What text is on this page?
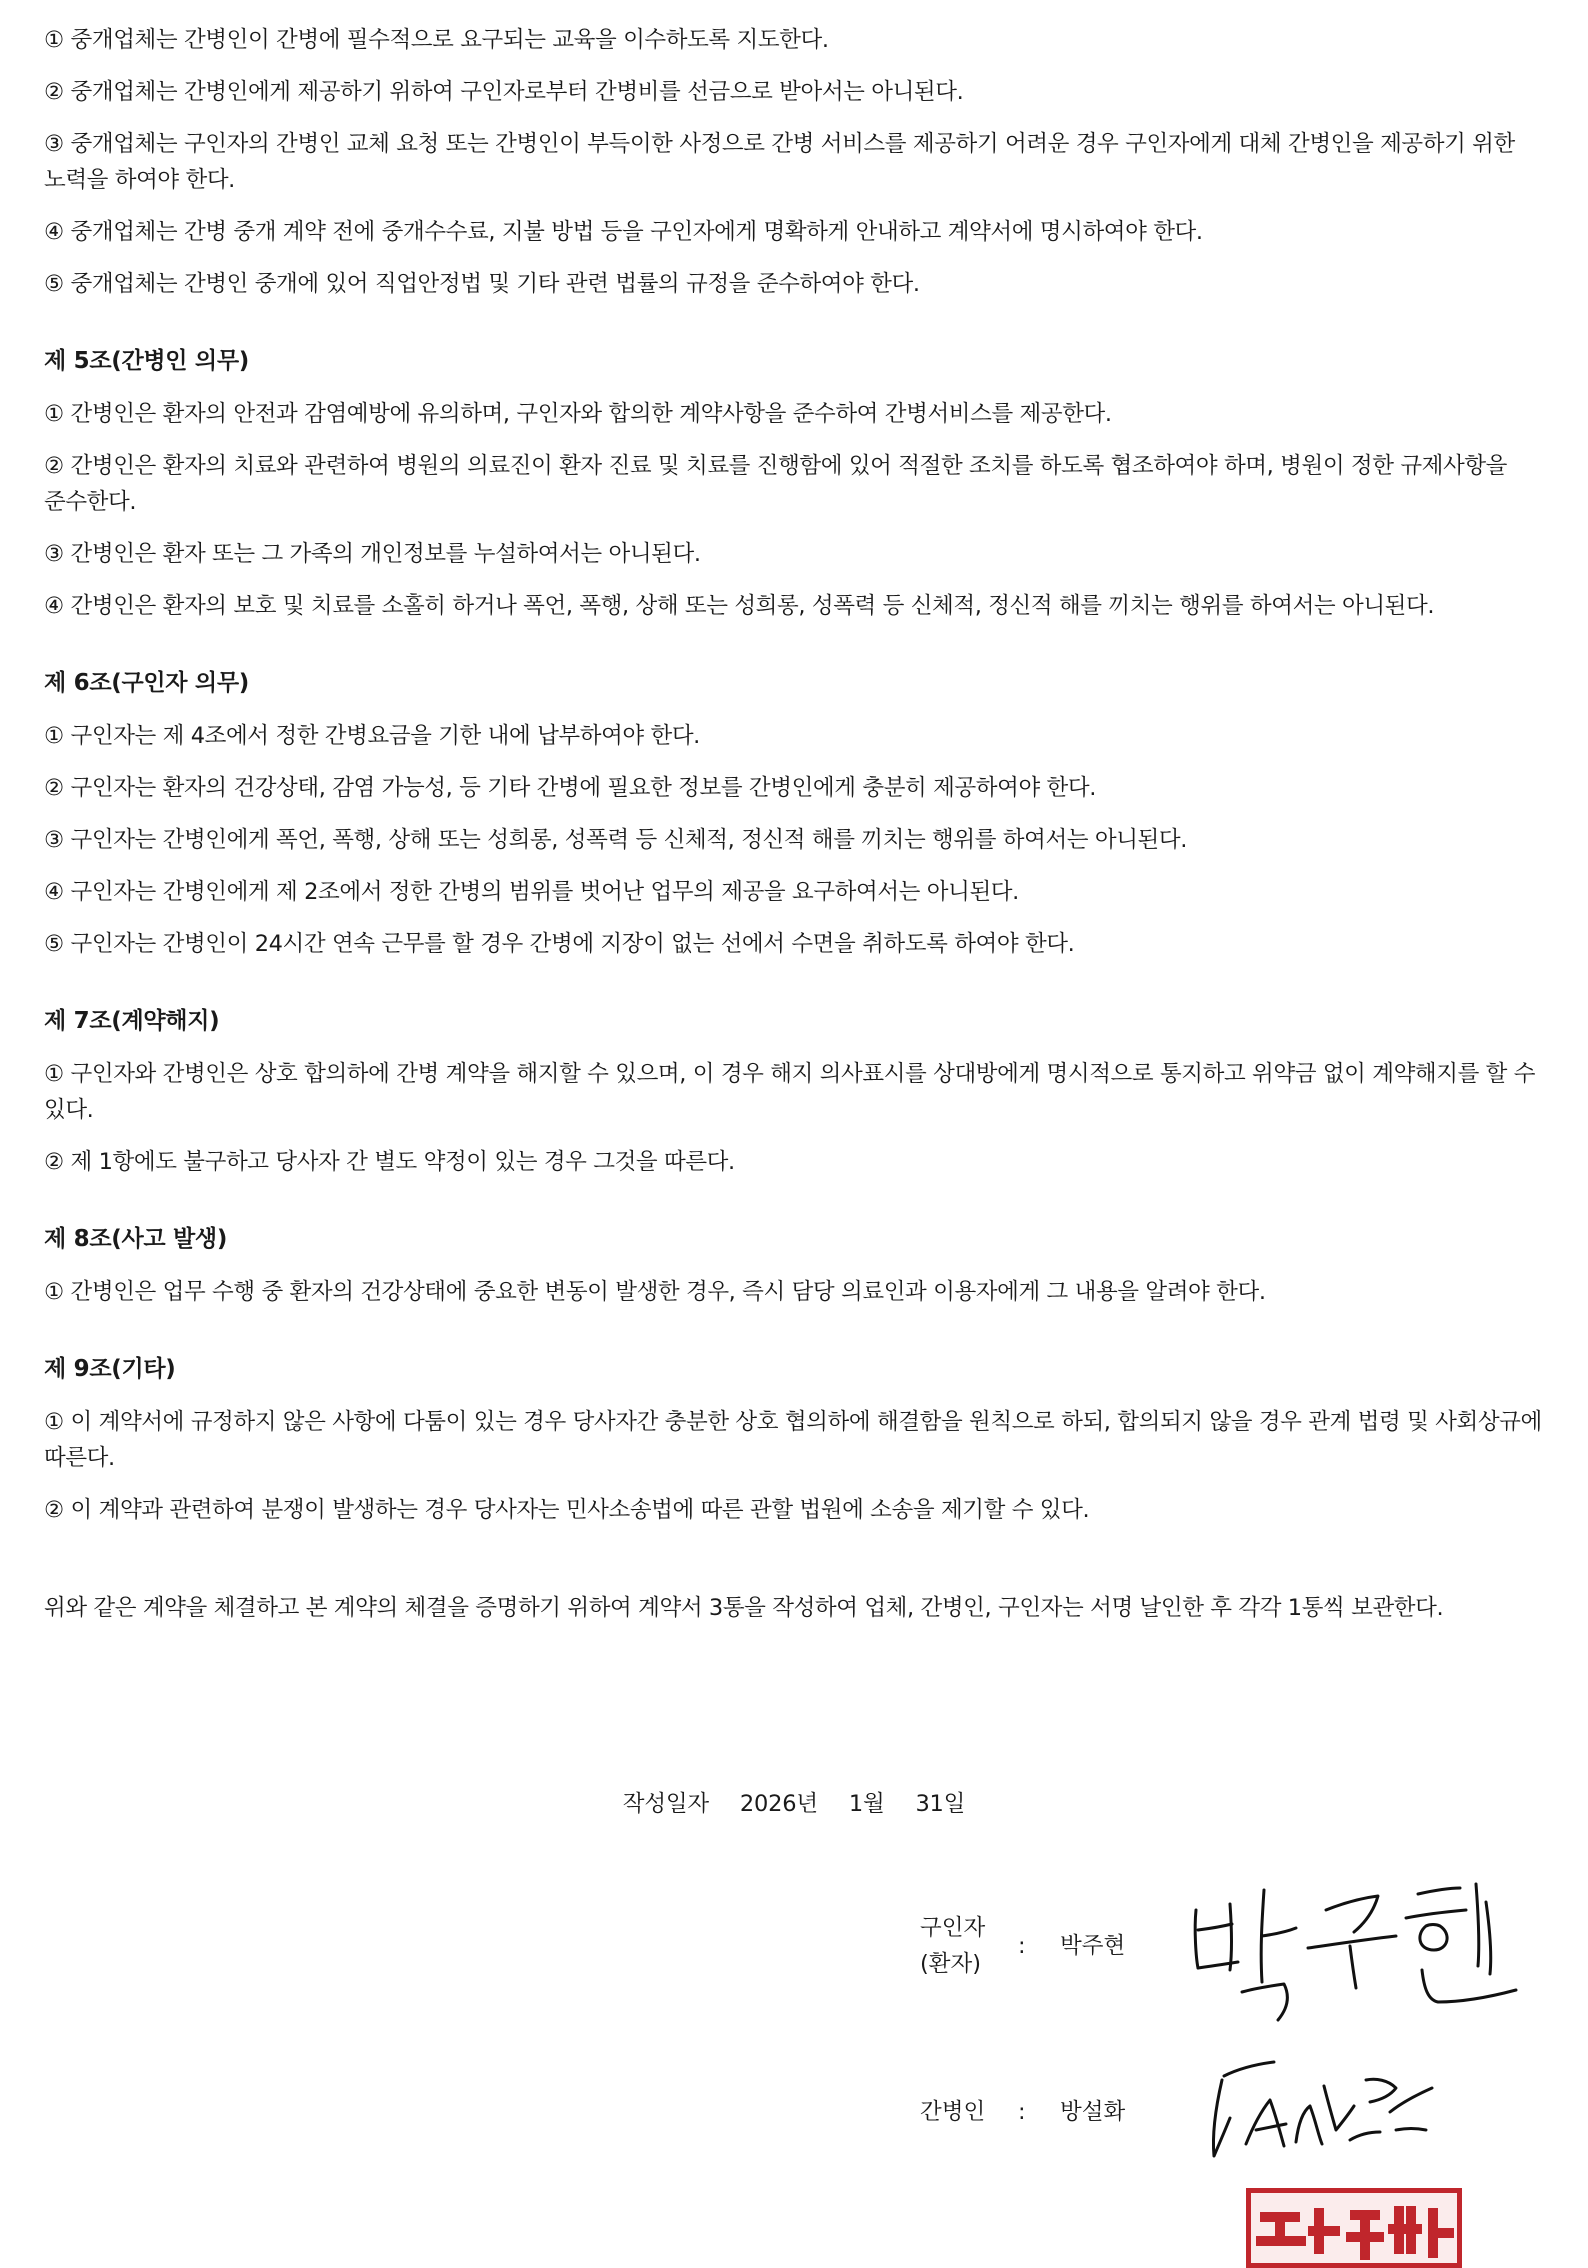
① 중개업체는 간병인이 간병에 필수적으로 요구되는 교육을 이수하도록 지도한다.

② 중개업체는 간병인에게 제공하기 위하여 구인자로부터 간병비를 선금으로 받아서는 아니된다.

③ 중개업체는 구인자의 간병인 교체 요청 또는 간병인이 부득이한 사정으로 간병 서비스를 제공하기 어려운 경우 구인자에게 대체 간병인을 제공하기 위한 노력을 하여야 한다.

④ 중개업체는 간병 중개 계약 전에 중개수수료, 지불 방법 등을 구인자에게 명확하게 안내하고 계약서에 명시하여야 한다.

⑤ 중개업체는 간병인 중개에 있어 직업안정법 및 기타 관련 법률의 규정을 준수하여야 한다.

제 5조(간병인 의무)

① 간병인은 환자의 안전과 감염예방에 유의하며, 구인자와 합의한 계약사항을 준수하여 간병서비스를 제공한다.

② 간병인은 환자의 치료와 관련하여 병원의 의료진이 환자 진료 및 치료를 진행함에 있어 적절한 조치를 하도록 협조하여야 하며, 병원이 정한 규제사항을 준수한다.

③ 간병인은 환자 또는 그 가족의 개인정보를 누설하여서는 아니된다.

④ 간병인은 환자의 보호 및 치료를 소홀히 하거나 폭언, 폭행, 상해 또는 성희롱, 성폭력 등 신체적, 정신적 해를 끼치는 행위를 하여서는 아니된다.

제 6조(구인자 의무)

① 구인자는 제 4조에서 정한 간병요금을 기한 내에 납부하여야 한다.

② 구인자는 환자의 건강상태, 감염 가능성, 등 기타 간병에 필요한 정보를 간병인에게 충분히 제공하여야 한다.

③ 구인자는 간병인에게 폭언, 폭행, 상해 또는 성희롱, 성폭력 등 신체적, 정신적 해를 끼치는 행위를 하여서는 아니된다.

④ 구인자는 간병인에게 제 2조에서 정한 간병의 범위를 벗어난 업무의 제공을 요구하여서는 아니된다.

⑤ 구인자는 간병인이 24시간 연속 근무를 할 경우 간병에 지장이 없는 선에서 수면을 취하도록 하여야 한다.

제 7조(계약해지)

① 구인자와 간병인은 상호 합의하에 간병 계약을 해지할 수 있으며, 이 경우 해지 의사표시를 상대방에게 명시적으로 통지하고 위약금 없이 계약해지를 할 수 있다.

② 제 1항에도 불구하고 당사자 간 별도 약정이 있는 경우 그것을 따른다.

제 8조(사고 발생)

① 간병인은 업무 수행 중 환자의 건강상태에 중요한 변동이 발생한 경우, 즉시 담당 의료인과 이용자에게 그 내용을 알려야 한다.

제 9조(기타)

① 이 계약서에 규정하지 않은 사항에 다툼이 있는 경우 당사자간 충분한 상호 협의하에 해결함을 원칙으로 하되, 합의되지 않을 경우 관계 법령 및 사회상규에 따른다.

② 이 계약과 관련하여 분쟁이 발생하는 경우 당사자는 민사소송법에 따른 관할 법원에 소송을 제기할 수 있다.

위와 같은 계약을 체결하고 본 계약의 체결을 증명하기 위하여 계약서 3통을 작성하여 업체, 간병인, 구인자는 서명 날인한 후 각각 1통씩 보관한다.

작성일자 2026년 1월 31일
구인자
(환자)
: 박주현
간병인	: 방설화
